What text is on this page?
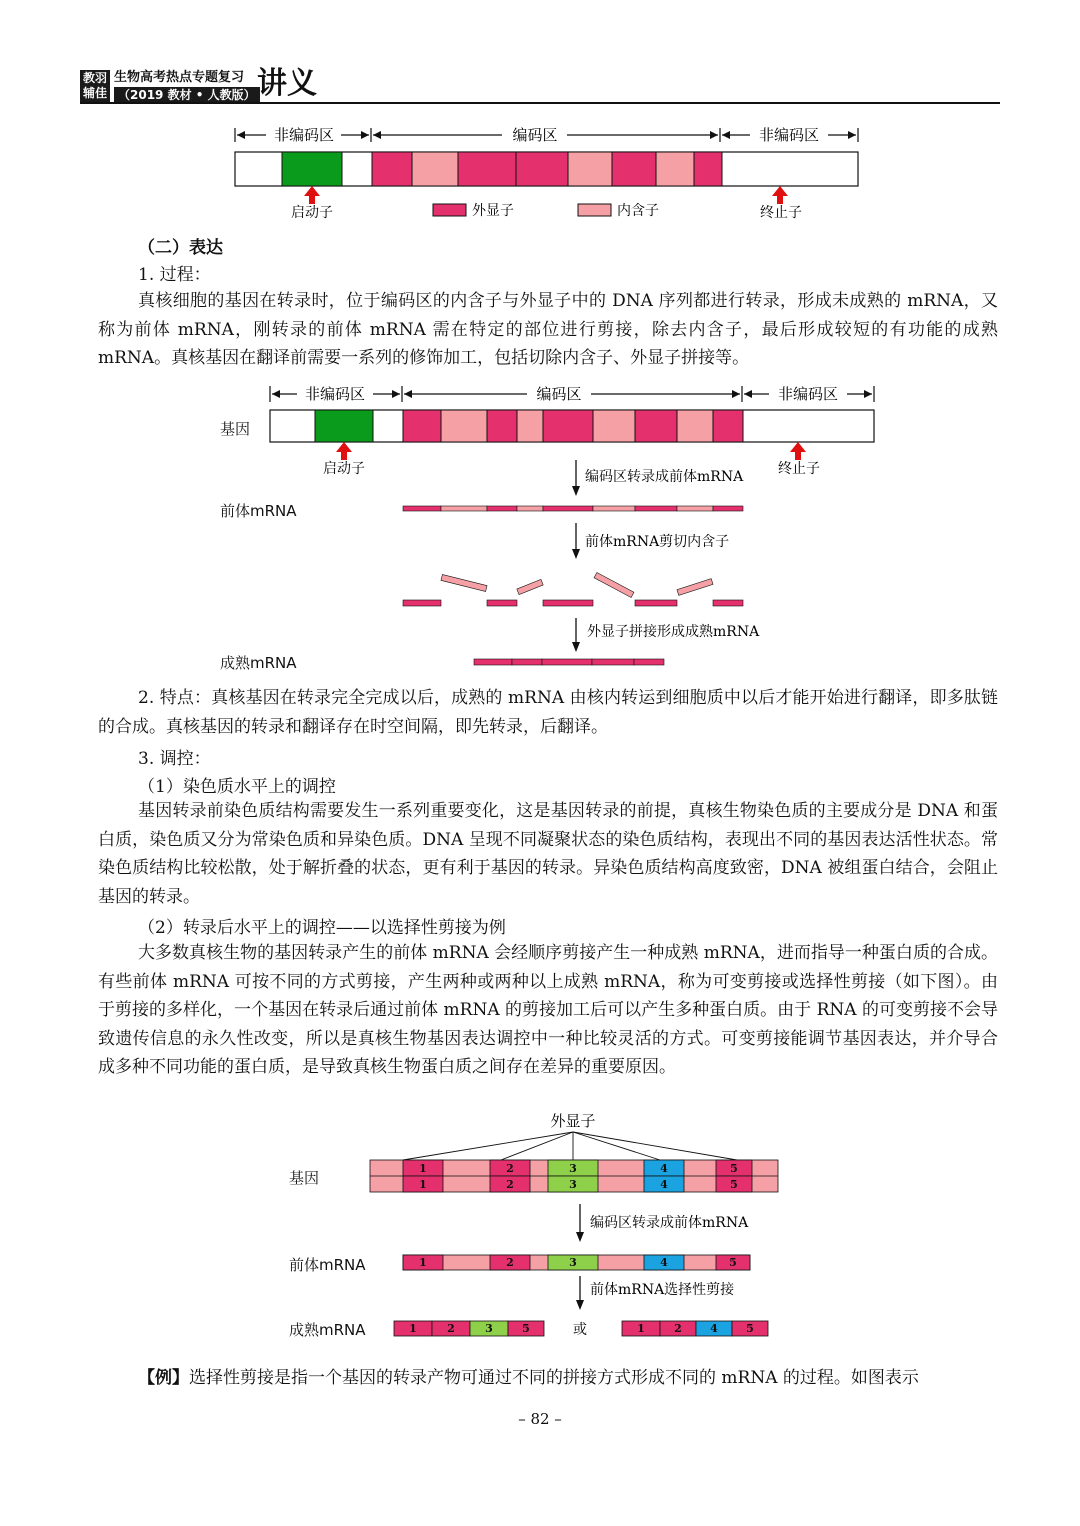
教羽
辅佳
生物高考热点专题复习
（2019 教材 • 人教版） 讲义
非编码区	编码区	非编码区
启动子	外显子	内含子	终止子
（二）表达
1. 过程：

真核细胞的基因在转录时，位于编码区的内含子与外显子中的 DNA 序列都进行转录，形成未成熟的 mRNA，又称为前体 mRNA，刚转录的前体 mRNA 需在特定的部位进行剪接，除去内含子，最后形成较短的有功能的成熟 mRNA。真核基因在翻译前需要一系列的修饰加工，包括切除内含子、外显子拼接等。

基因
前体mRNA
成熟mRNA
非编码区	编码区	非编码区
启动子	终止子
编码区转录成前体mRNA
前体mRNA剪切内含子
外显子拼接形成成熟mRNA

2. 特点：真核基因在转录完全完成以后，成熟的 mRNA 由核内转运到细胞质中以后才能开始进行翻译，即多肽链的合成。真核基因的转录和翻译存在时空间隔，即先转录，后翻译。

3. 调控：
（1）染色质水平上的调控

基因转录前染色质结构需要发生一系列重要变化，这是基因转录的前提，真核生物染色质的主要成分是 DNA 和蛋白质，染色质又分为常染色质和异染色质。DNA 呈现不同凝聚状态的染色质结构，表现出不同的基因表达活性状态。常染色质结构比较松散，处于解折叠的状态，更有利于基因的转录。异染色质结构高度致密，DNA 被组蛋白结合，会阻止基因的转录。

（2）转录后水平上的调控——以选择性剪接为例

大多数真核生物的基因转录产生的前体 mRNA 会经顺序剪接产生一种成熟 mRNA，进而指导一种蛋白质的合成。有些前体 mRNA 可按不同的方式剪接，产生两种或两种以上成熟 mRNA，称为可变剪接或选择性剪接（如下图）。由于剪接的多样化，一个基因在转录后通过前体 mRNA 的剪接加工后可以产生多种蛋白质。由于 RNA 的可变剪接不会导致遗传信息的永久性改变，所以是真核生物基因表达调控中一种比较灵活的方式。可变剪接能调节基因表达，并介导合成多种不同功能的蛋白质，是导致真核生物蛋白质之间存在差异的重要原因。

基因
前体mRNA
成熟mRNA
外显子
1
1
2
2
3
3
4
4
5
5
编码区转录成前体mRNA
1	2	3	4	5
前体mRNA选择性剪接
1	2	3	5	或	1	2	4	5
【例】选择性剪接是指一个基因的转录产物可通过不同的拼接方式形成不同的 mRNA 的过程。如图表示
– 82 –
